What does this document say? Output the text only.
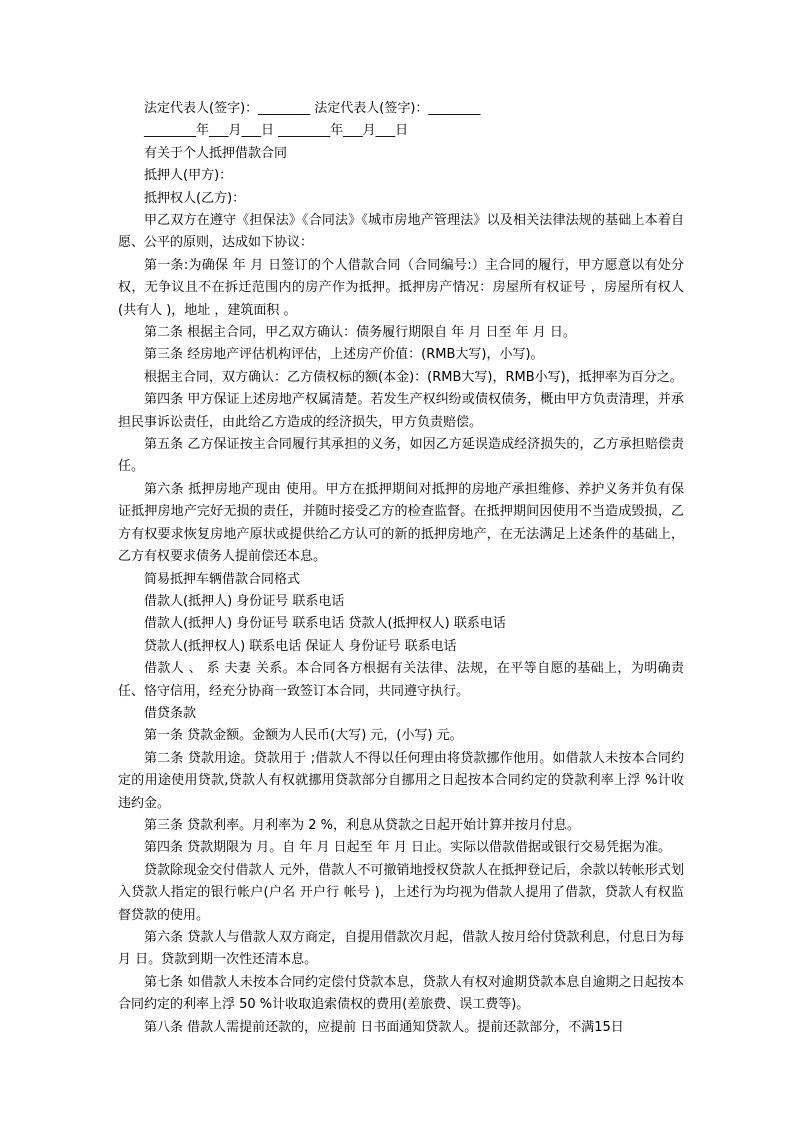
法定代表人(签字)：________ 法定代表人(签字)：________
________年___月___日 ________年___月___日

有关于个人抵押借款合同

抵押人(甲方)：

抵押权人(乙方)：

甲乙双方在遵守《担保法》《合同法》《城市房地产管理法》以及相关法律法规的基础上本着自愿、公平的原则，达成如下协议：

第一条:为确保 年 月 日签订的个人借款合同（合同编号:）主合同的履行，甲方愿意以有处分权，无争议且不在拆迁范围内的房产作为抵押。抵押房产情况：房屋所有权证号 ，房屋所有权人 (共有人 )，地址 ，建筑面积 。

第二条 根据主合同，甲乙双方确认：债务履行期限自 年 月 日至 年 月 日。

第三条 经房地产评估机构评估，上述房产价值：(RMB大写)，小写)。

根据主合同，双方确认：乙方债权标的额(本金)：(RMB大写)，RMB小写)，抵押率为百分之。

第四条 甲方保证上述房地产权属清楚。若发生产权纠纷或债权债务，概由甲方负责清理，并承担民事诉讼责任，由此给乙方造成的经济损失，甲方负责赔偿。

第五条 乙方保证按主合同履行其承担的义务，如因乙方延误造成经济损失的，乙方承担赔偿责任。

第六条 抵押房地产现由 使用。甲方在抵押期间对抵押的房地产承担维修、养护义务并负有保证抵押房地产完好无损的责任，并随时接受乙方的检查监督。在抵押期间因使用不当造成毁损，乙方有权要求恢复房地产原状或提供给乙方认可的新的抵押房地产，在无法满足上述条件的基础上，乙方有权要求债务人提前偿还本息。

简易抵押车辆借款合同格式

借款人(抵押人) 身份证号 联系电话

借款人(抵押人) 身份证号 联系电话 贷款人(抵押权人) 联系电话

贷款人(抵押权人) 联系电话 保证人 身份证号 联系电话

借款人 、 系 夫妻 关系。本合同各方根据有关法律、法规，在平等自愿的基础上，为明确责任、恪守信用，经充分协商一致签订本合同，共同遵守执行。

借贷条款

第一条 贷款金额。金额为人民币(大写) 元，(小写) 元。

第二条 贷款用途。贷款用于 ;借款人不得以任何理由将贷款挪作他用。如借款人未按本合同约定的用途使用贷款,贷款人有权就挪用贷款部分自挪用之日起按本合同约定的贷款利率上浮 %计收违约金。

第三条 贷款利率。月利率为 2 %，利息从贷款之日起开始计算并按月付息。

第四条 贷款期限为 月。自 年 月 日起至 年 月 日止。实际以借款借据或银行交易凭据为准。

贷款除现金交付借款人 元外，借款人不可撤销地授权贷款人在抵押登记后，余款以转帐形式划入贷款人指定的银行帐户(户名 开户行 帐号 )，上述行为均视为借款人提用了借款，贷款人有权监督贷款的使用。

第六条 贷款人与借款人双方商定，自提用借款次月起，借款人按月给付贷款利息，付息日为每月 日。贷款到期一次性还清本息。

第七条 如借款人未按本合同约定偿付贷款本息，贷款人有权对逾期贷款本息自逾期之日起按本合同约定的利率上浮 50 %计收取追索债权的费用(差旅费、误工费等)。

第八条 借款人需提前还款的，应提前 日书面通知贷款人。提前还款部分，不满15日
